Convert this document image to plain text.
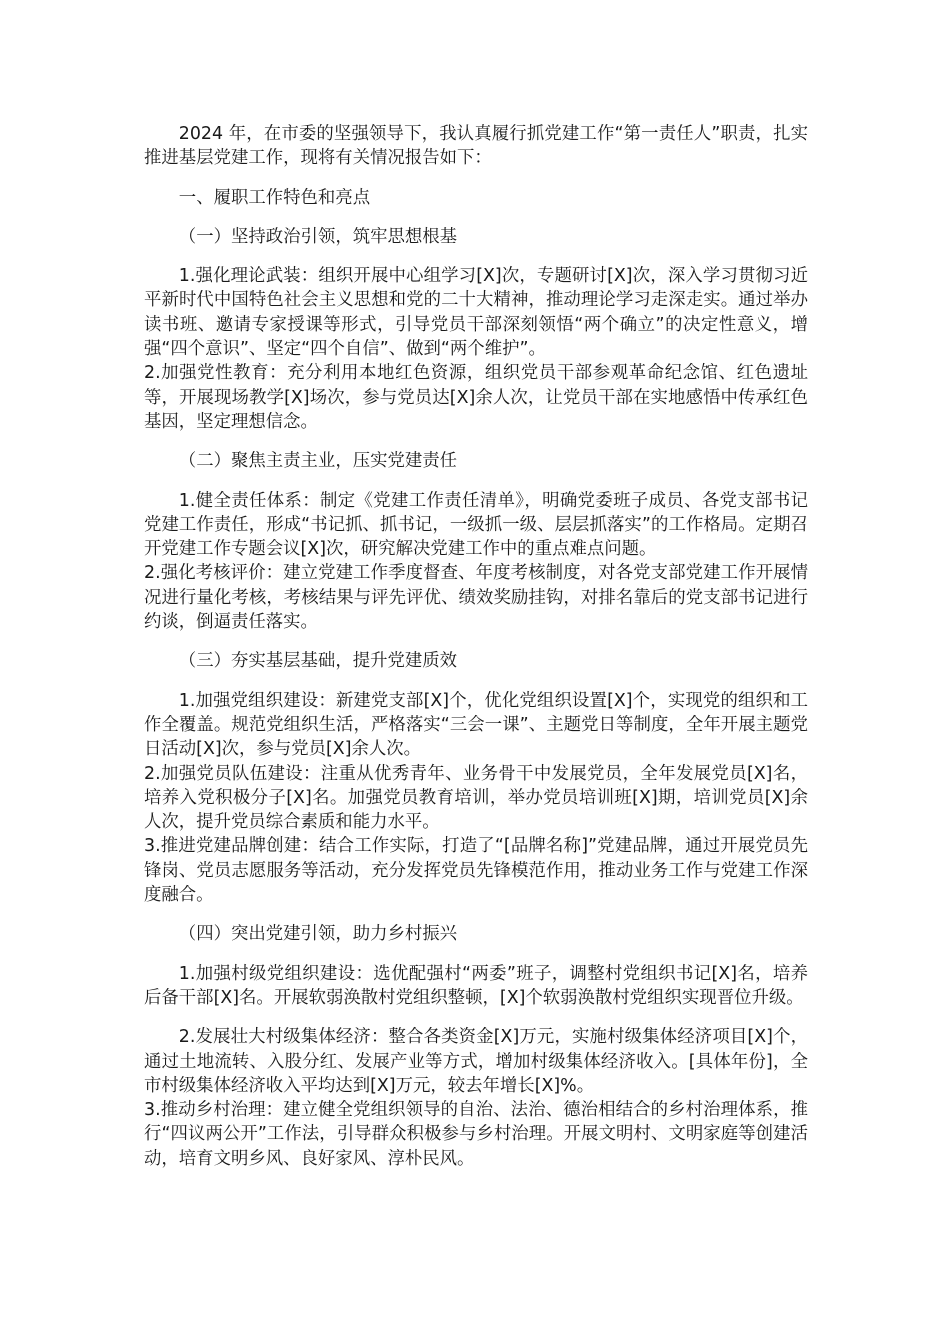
2024 年，在市委的坚强领导下，我认真履行抓党建工作“第一责任人”职责，扎实推进基层党建工作，现将有关情况报告如下：

一、履职工作特色和亮点

（一）坚持政治引领，筑牢思想根基

1.强化理论武装：组织开展中心组学习[X]次，专题研讨[X]次，深入学习贯彻习近平新时代中国特色社会主义思想和党的二十大精神，推动理论学习走深走实。通过举办读书班、邀请专家授课等形式，引导党员干部深刻领悟“两个确立”的决定性意义，增强“四个意识”、坚定“四个自信”、做到“两个维护”。

2.加强党性教育：充分利用本地红色资源，组织党员干部参观革命纪念馆、红色遗址等，开展现场教学[X]场次，参与党员达[X]余人次，让党员干部在实地感悟中传承红色基因，坚定理想信念。

（二）聚焦主责主业，压实党建责任

1.健全责任体系：制定《党建工作责任清单》，明确党委班子成员、各党支部书记党建工作责任，形成“书记抓、抓书记，一级抓一级、层层抓落实”的工作格局。定期召开党建工作专题会议[X]次，研究解决党建工作中的重点难点问题。

2.强化考核评价：建立党建工作季度督查、年度考核制度，对各党支部党建工作开展情况进行量化考核，考核结果与评先评优、绩效奖励挂钩，对排名靠后的党支部书记进行约谈，倒逼责任落实。

（三）夯实基层基础，提升党建质效

1.加强党组织建设：新建党支部[X]个，优化党组织设置[X]个，实现党的组织和工作全覆盖。规范党组织生活，严格落实“三会一课”、主题党日等制度，全年开展主题党日活动[X]次，参与党员[X]余人次。

2.加强党员队伍建设：注重从优秀青年、业务骨干中发展党员，全年发展党员[X]名，培养入党积极分子[X]名。加强党员教育培训，举办党员培训班[X]期，培训党员[X]余人次，提升党员综合素质和能力水平。

3.推进党建品牌创建：结合工作实际，打造了“[品牌名称]”党建品牌，通过开展党员先锋岗、党员志愿服务等活动，充分发挥党员先锋模范作用，推动业务工作与党建工作深度融合。

（四）突出党建引领，助力乡村振兴

1.加强村级党组织建设：选优配强村“两委”班子，调整村党组织书记[X]名，培养后备干部[X]名。开展软弱涣散村党组织整顿，[X]个软弱涣散村党组织实现晋位升级。

2.发展壮大村级集体经济：整合各类资金[X]万元，实施村级集体经济项目[X]个，通过土地流转、入股分红、发展产业等方式，增加村级集体经济收入。[具体年份]，全市村级集体经济收入平均达到[X]万元，较去年增长[X]%。

3.推动乡村治理：建立健全党组织领导的自治、法治、德治相结合的乡村治理体系，推行“四议两公开”工作法，引导群众积极参与乡村治理。开展文明村、文明家庭等创建活动，培育文明乡风、良好家风、淳朴民风。
